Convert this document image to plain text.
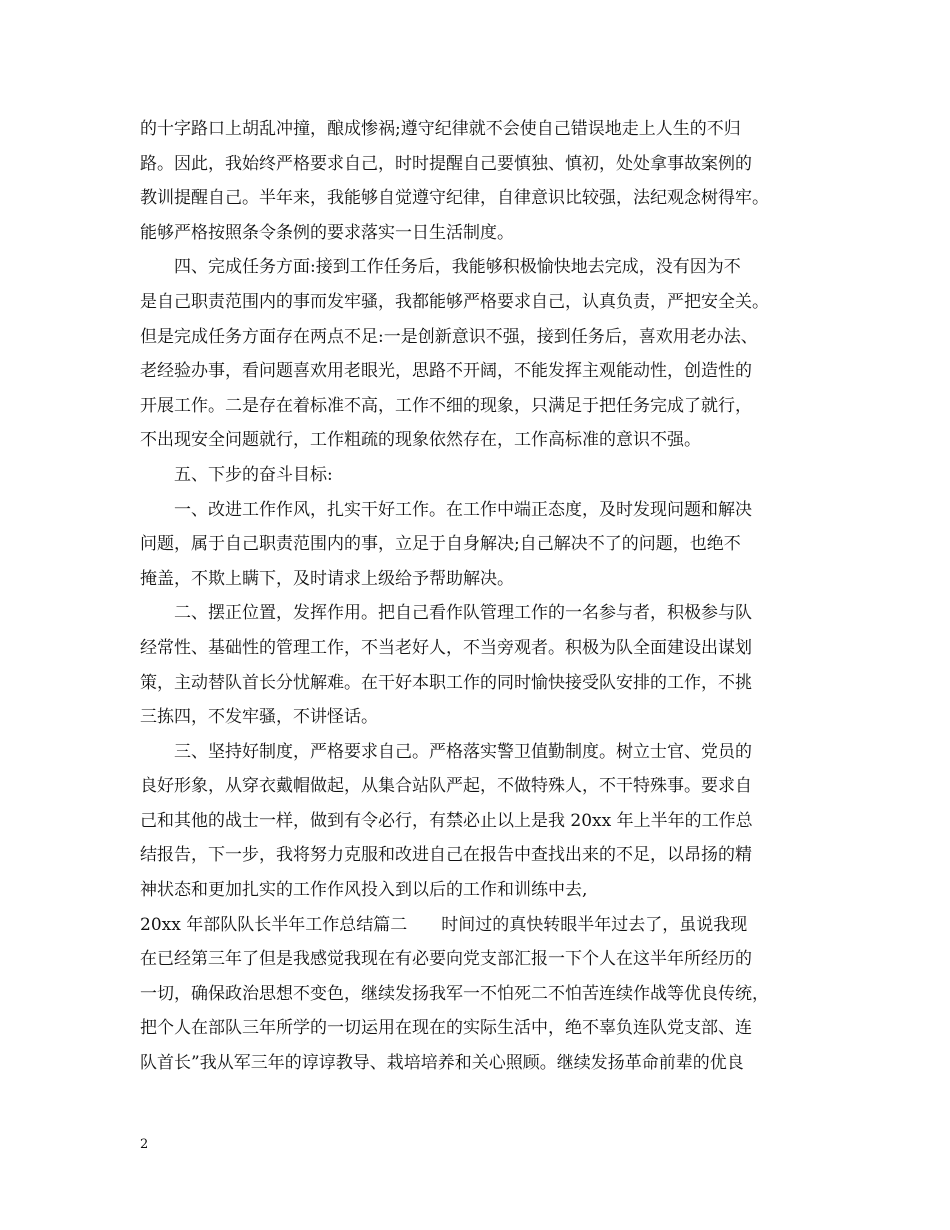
的十字路口上胡乱冲撞，酿成惨祸;遵守纪律就不会使自己错误地走上人生的不归
路。因此，我始终严格要求自己，时时提醒自己要慎独、慎初，处处拿事故案例的
教训提醒自己。半年来，我能够自觉遵守纪律，自律意识比较强，法纪观念树得牢。
能够严格按照条令条例的要求落实一日生活制度。
四、完成任务方面:接到工作任务后，我能够积极愉快地去完成，没有因为不
是自己职责范围内的事而发牢骚，我都能够严格要求自己，认真负责，严把安全关。
但是完成任务方面存在两点不足:一是创新意识不强，接到任务后，喜欢用老办法、
老经验办事，看问题喜欢用老眼光，思路不开阔，不能发挥主观能动性，创造性的
开展工作。二是存在着标准不高，工作不细的现象，只满足于把任务完成了就行，
不出现安全问题就行，工作粗疏的现象依然存在，工作高标准的意识不强。
五、下步的奋斗目标:
一、改进工作作风，扎实干好工作。在工作中端正态度，及时发现问题和解决
问题，属于自己职责范围内的事，立足于自身解决;自己解决不了的问题，也绝不
掩盖，不欺上瞒下，及时请求上级给予帮助解决。
二、摆正位置，发挥作用。把自己看作队管理工作的一名参与者，积极参与队
经常性、基础性的管理工作，不当老好人，不当旁观者。积极为队全面建设出谋划
策，主动替队首长分忧解难。在干好本职工作的同时愉快接受队安排的工作，不挑
三拣四，不发牢骚，不讲怪话。
三、坚持好制度，严格要求自己。严格落实警卫值勤制度。树立士官、党员的
良好形象，从穿衣戴帽做起，从集合站队严起，不做特殊人，不干特殊事。要求自
己和其他的战士一样，做到有令必行，有禁必止以上是我 20xx 年上半年的工作总
结报告，下一步，我将努力克服和改进自己在报告中查找出来的不足，以昂扬的精
神状态和更加扎实的工作作风投入到以后的工作和训练中去,
20xx 年部队队长半年工作总结篇二　　时间过的真快转眼半年过去了，虽说我现
在已经第三年了但是我感觉我现在有必要向党支部汇报一下个人在这半年所经历的
一切，确保政治思想不变色，继续发扬我军一不怕死二不怕苦连续作战等优良传统，
把个人在部队三年所学的一切运用在现在的实际生活中，绝不辜负连队党支部、连
队首长”我从军三年的谆谆教导、栽培培养和关心照顾。继续发扬革命前辈的优良
2
